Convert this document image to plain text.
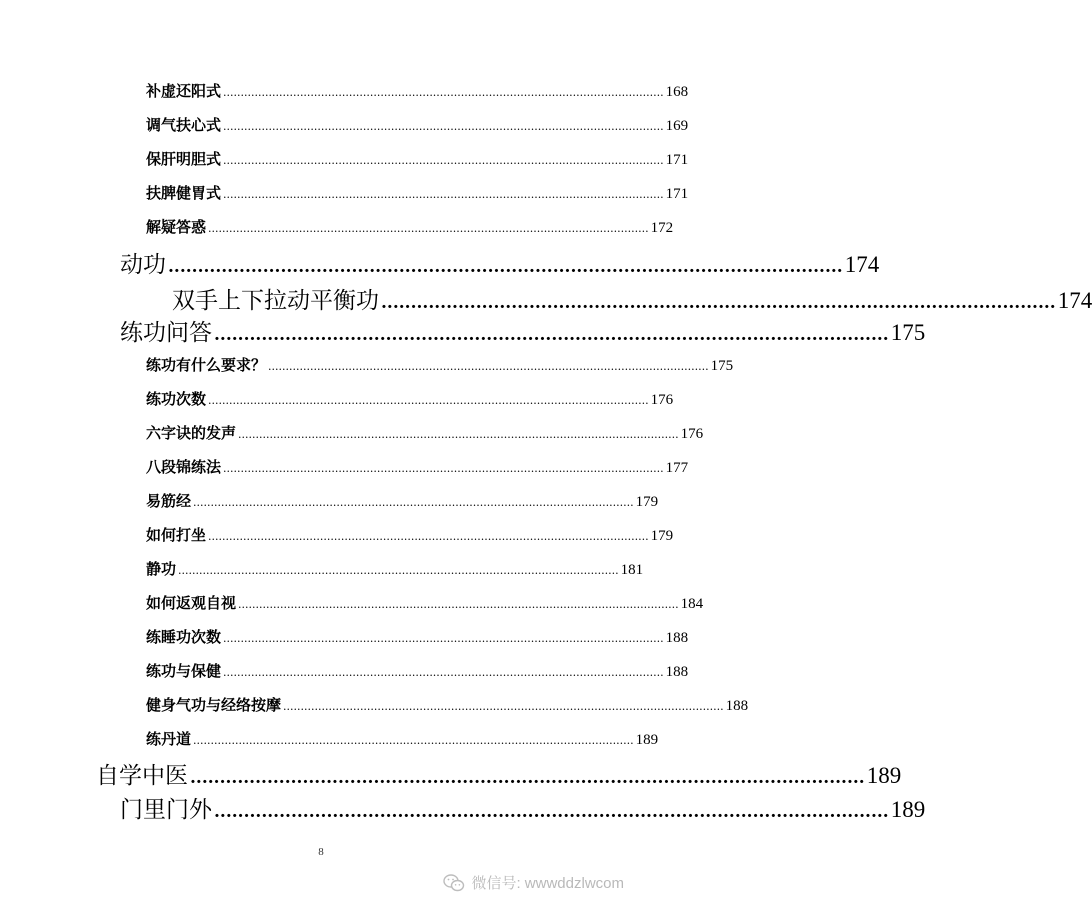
补虚还阳式 .............................................................................................................................. 168
调气扶心式 .............................................................................................................................. 169
保肝明胆式 .............................................................................................................................. 171
扶脾健胃式 .............................................................................................................................. 171
解疑答惑 .............................................................................................................................. 172
动功 .................................................................................................................. 174
双手上下拉动平衡功 .................................................................................................................. 174
练功问答 .................................................................................................................. 175
练功有什么要求？ .............................................................................................................................. 175
练功次数 .............................................................................................................................. 176
六字诀的发声 .............................................................................................................................. 176
八段锦练法 .............................................................................................................................. 177
易筋经 .............................................................................................................................. 179
如何打坐 .............................................................................................................................. 179
静功 .............................................................................................................................. 181
如何返观自视 .............................................................................................................................. 184
练睡功次数 .............................................................................................................................. 188
练功与保健 .............................................................................................................................. 188
健身气功与经络按摩 .............................................................................................................................. 188
练丹道 .............................................................................................................................. 189
自学中医 .................................................................................................................. 189
门里门外 .................................................................................................................. 189
8
微信号: wwwddzlwcom
